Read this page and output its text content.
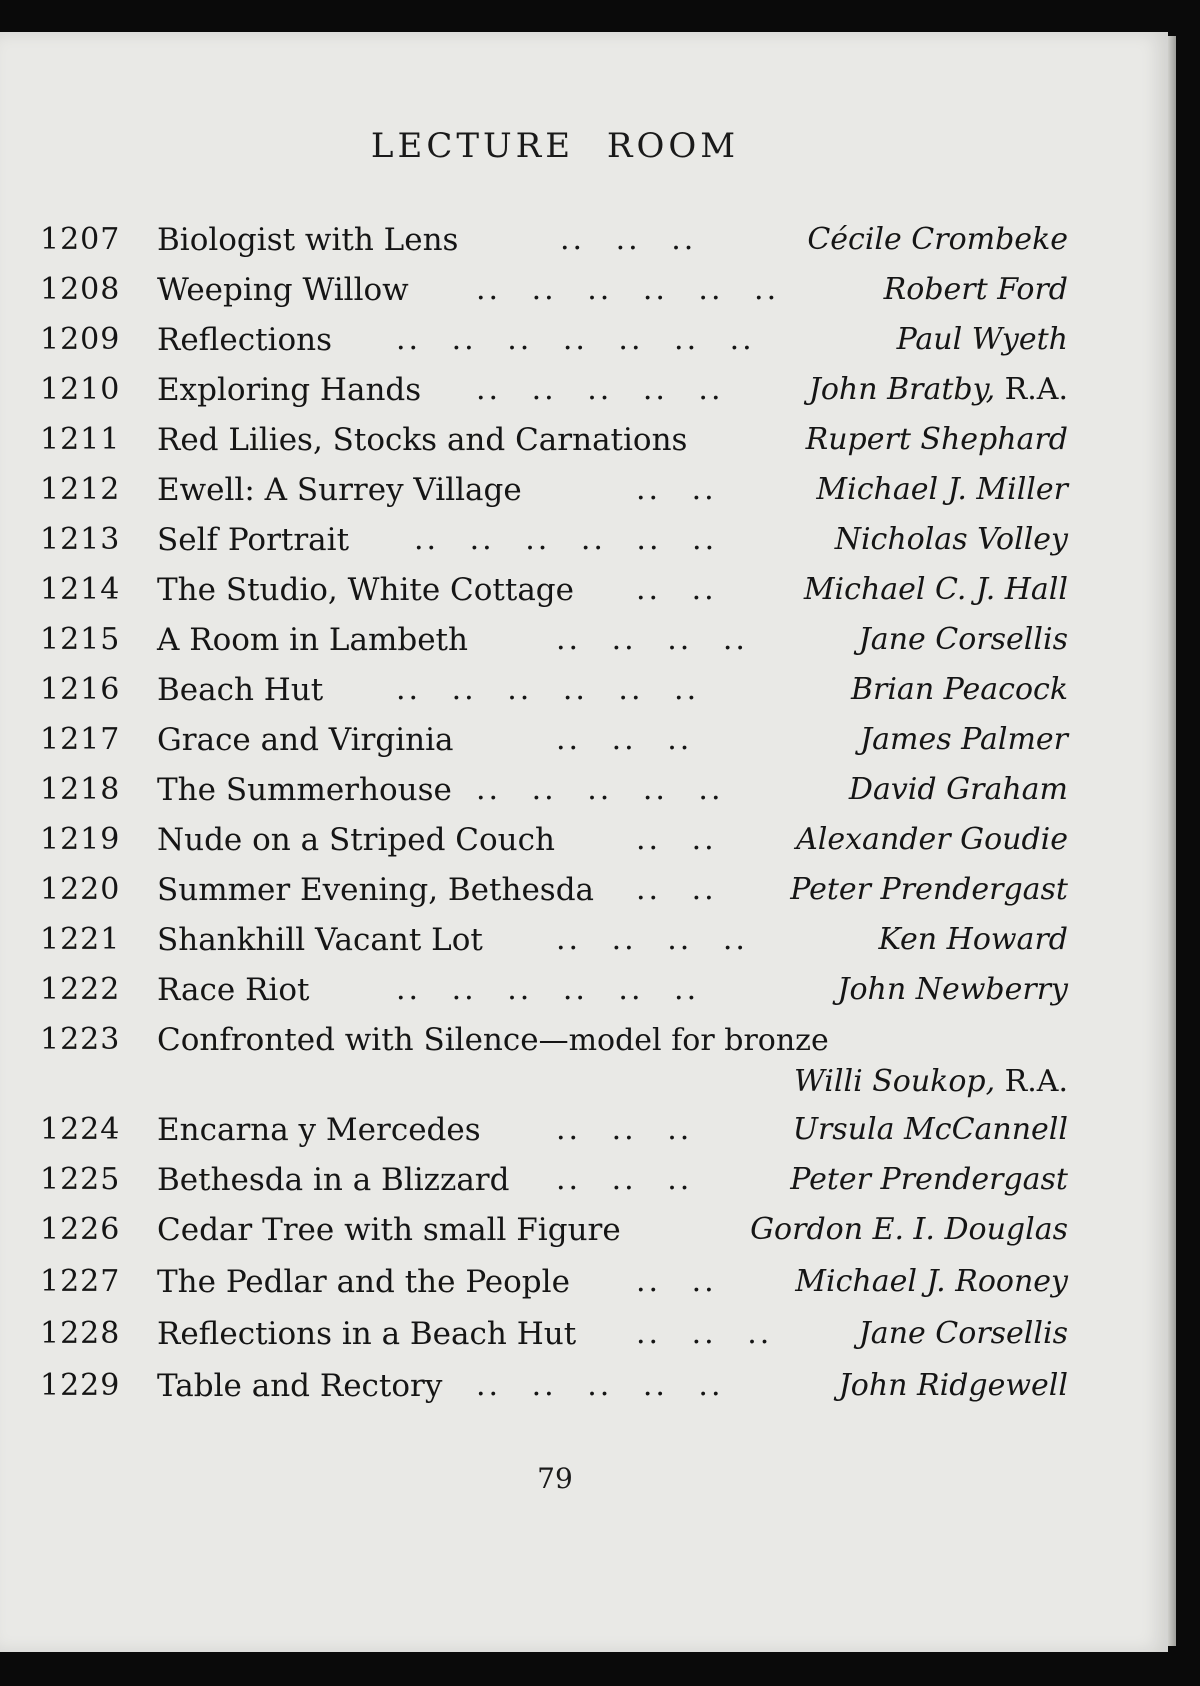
LECTURE ROOM
1207 Biologist with Lens	.. .. ..	Cécile Crombeke
1208 Weeping Willow .. .. .. .. .. ..	Robert Ford
1209 Reflections .. .. .. .. .. .. ..	Paul Wyeth
1210 Exploring Hands .. .. .. .. ..	John Bratby, R.A.
1211 Red Lilies, Stocks and Carnations	Rupert Shephard
1212 Ewell: A Surrey Village	.. ..	Michael J. Miller
1213 Self Portrait .. .. .. .. .. ..	Nicholas Volley
1214 The Studio, White Cottage .. ..	Michael C. J. Hall
1215 A Room in Lambeth	.. .. .. ..	Jane Corsellis
1216 Beach Hut .. .. .. .. .. ..	Brian Peacock
1217 Grace and Virginia	.. .. ..	James Palmer
1218 The Summerhouse .. .. .. .. ..	David Graham
1219 Nude on a Striped Couch	.. ..	Alexander Goudie
1220 Summer Evening, Bethesda .. .. Peter Prendergast
1221 Shankhill Vacant Lot .. .. .. ..	Ken Howard
1222 Race Riot	.. .. .. .. .. ..	John Newberry
1223 Confronted with Silence—model for bronze
Willi Soukop, R.A.
1224 Encarna y Mercedes	.. .. ..	Ursula McCannell
1225 Bethesda in a Blizzard .. .. ..	Peter Prendergast
1226 Cedar Tree with small Figure	Gordon E. I. Douglas
1227 The Pedlar and the People .. ..	Michael J. Rooney
1228 Reflections in a Beach Hut .. .. ..	Jane Corsellis
1229 Table and Rectory .. .. .. .. ..	John Ridgewell
79
